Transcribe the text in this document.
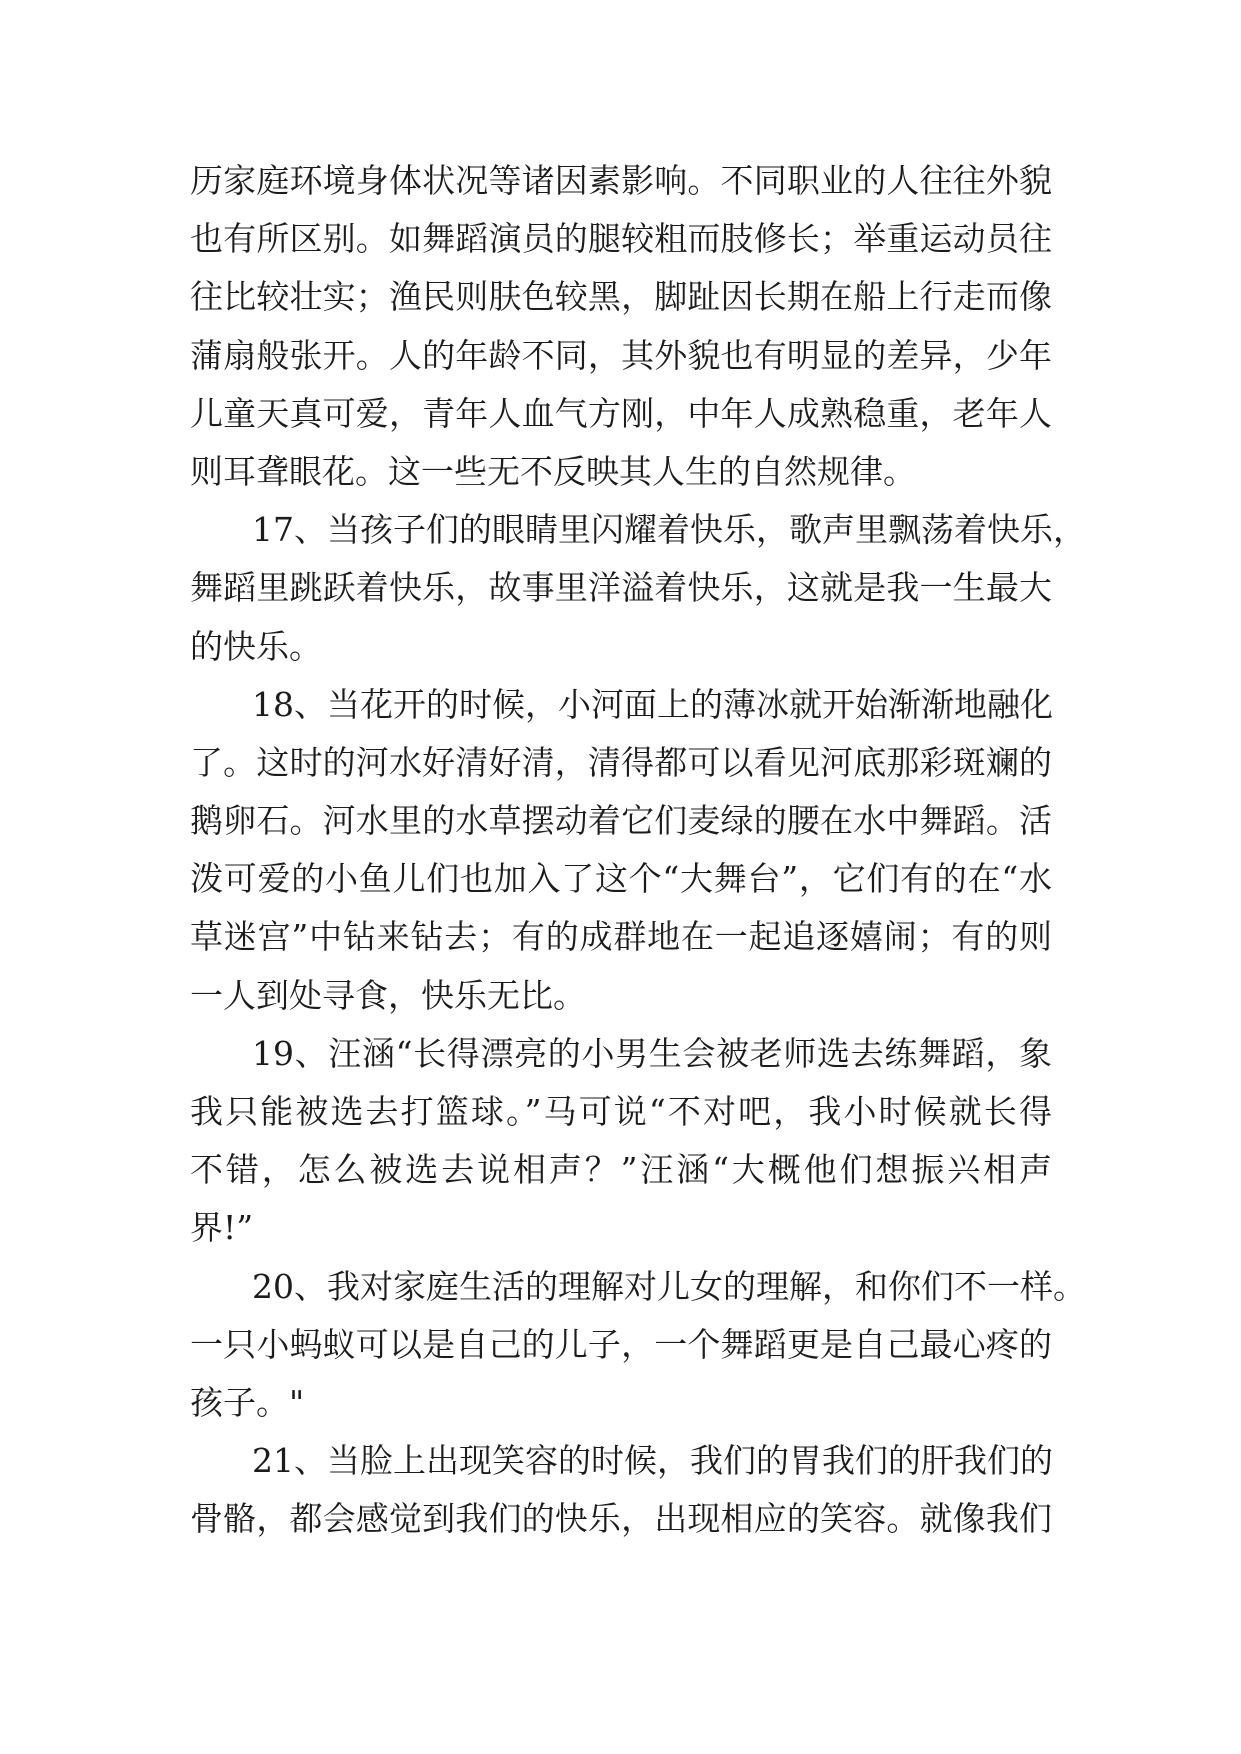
历家庭环境身体状况等诸因素影响。不同职业的人往往外貌
也有所区别。如舞蹈演员的腿较粗而肢修长；举重运动员往
往比较壮实；渔民则肤色较黑，脚趾因长期在船上行走而像
蒲扇般张开。人的年龄不同，其外貌也有明显的差异，少年
儿童天真可爱，青年人血气方刚，中年人成熟稳重，老年人
则耳聋眼花。这一些无不反映其人生的自然规律。
17、当孩子们的眼睛里闪耀着快乐，歌声里飘荡着快乐，
舞蹈里跳跃着快乐，故事里洋溢着快乐，这就是我一生最大
的快乐。
18、当花开的时候，小河面上的薄冰就开始渐渐地融化
了。这时的河水好清好清，清得都可以看见河底那彩斑斓的
鹅卵石。河水里的水草摆动着它们麦绿的腰在水中舞蹈。活
泼可爱的小鱼儿们也加入了这个“大舞台”，它们有的在“水
草迷宫”中钻来钻去；有的成群地在一起追逐嬉闹；有的则
一人到处寻食，快乐无比。
19、汪涵“长得漂亮的小男生会被老师选去练舞蹈，象
我只能被选去打篮球。”马可说“不对吧，我小时候就长得
不错，怎么被选去说相声？”汪涵“大概他们想振兴相声
界!”
20、我对家庭生活的理解对儿女的理解，和你们不一样。
一只小蚂蚁可以是自己的儿子，一个舞蹈更是自己最心疼的
孩子。"
21、当脸上出现笑容的时候，我们的胃我们的肝我们的
骨骼，都会感觉到我们的快乐，出现相应的笑容。就像我们
